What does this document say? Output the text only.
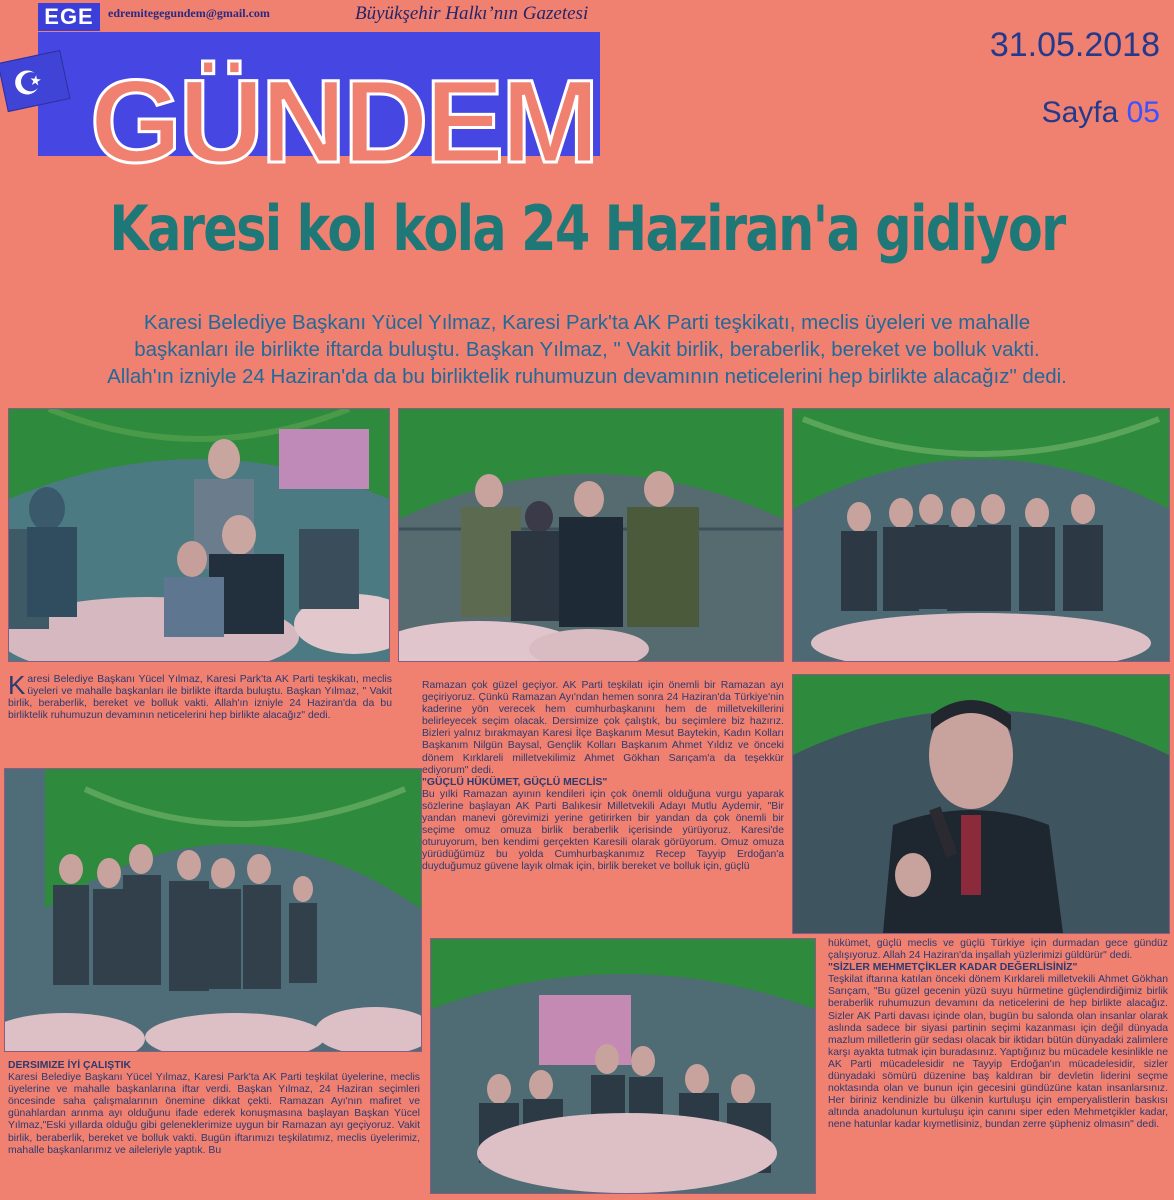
EGE	edremitegegundem@gmail.com	Büyükşehir Halkı’nın Gazetesi
GÜNDEM
31.05.2018
Sayfa 05
Karesi kol kola 24 Haziran'a gidiyor
Karesi Belediye Başkanı Yücel Yılmaz, Karesi Park'ta AK Parti teşkikatı, meclis üyeleri ve mahalle
başkanları ile birlikte iftarda buluştu. Başkan Yılmaz, " Vakit birlik, beraberlik, bereket ve bolluk vakti.
Allah'ın izniyle 24 Haziran'da da bu birliktelik ruhumuzun devamının neticelerini hep birlikte alacağız" dedi.

Karesi Belediye Başkanı Yücel Yılmaz, Karesi Park'ta AK Parti teşkikatı, meclis üyeleri ve mahalle başkanları ile birlikte iftarda buluştu. Başkan Yılmaz, " Vakit birlik, beraberlik, bereket ve bolluk vakti. Allah'ın izniyle 24 Haziran'da da bu birliktelik ruhumuzun devamının neticelerini hep birlikte alacağız" dedi.

DERSIMIZE İYİ ÇALIŞTIK

Karesi Belediye Başkanı Yücel Yılmaz, Karesi Park'ta AK Parti teşkilat üyelerine, meclis üyelerine ve mahalle başkanlarına iftar verdi. Başkan Yılmaz, 24 Haziran seçimleri öncesinde saha çalışmalarının önemine dikkat çekti. Ramazan Ayı'nın mafiret ve günahlardan arınma ayı olduğunu ifade ederek konuşmasına başlayan Başkan Yücel Yılmaz,"Eski yıllarda olduğu gibi geleneklerimize uygun bir Ramazan ayı geçiyoruz. Vakit birlik, beraberlik, bereket ve bolluk vakti. Bugün iftarımızı teşkilatımız, meclis üyelerimiz, mahalle başkanlarımız ve aileleriyle yaptık. Bu

Ramazan çok güzel geçiyor. AK Parti teşkilatı için önemli bir Ramazan ayı geçiriyoruz. Çünkü Ramazan Ayı'ndan hemen sonra 24 Haziran'da Türkiye'nin kaderine yön verecek hem cumhurbaşkanını hem de milletvekillerini belirleyecek seçim olacak. Dersimize çok çalıştık, bu seçimlere biz hazırız. Bizleri yalnız bırakmayan Karesi İlçe Başkanım Mesut Baytekin, Kadın Kolları Başkanım Nilgün Baysal, Gençlik Kolları Başkanım Ahmet Yıldız ve önceki dönem Kırklareli milletvekilimiz Ahmet Gökhan Sarıçam'a da teşekkür ediyorum" dedi.

"GÜÇLÜ HÜKÜMET, GÜÇLÜ MECLİS"

Bu yılki Ramazan ayının kendileri için çok önemli olduğuna vurgu yaparak sözlerine başlayan AK Parti Balıkesir Milletvekili Adayı Mutlu Aydemir, "Bir yandan manevi görevimizi yerine getirirken bir yandan da çok önemli bir seçime omuz omuza birlik beraberlik içerisinde yürüyoruz. Karesi'de oturuyorum, ben kendimi gerçekten Karesili olarak görüyorum. Omuz omuza yürüdüğümüz bu yolda Cumhurbaşkanımız Recep Tayyip Erdoğan'a duyduğumuz güvene layık olmak için, birlik bereket ve bolluk için, güçlü

hükümet, güçlü meclis ve güçlü Türkiye için durmadan gece gündüz çalışıyoruz. Allah 24 Haziran'da inşallah yüzlerimizi güldürür" dedi.

"SİZLER MEHMETÇİKLER KADAR DEĞERLİSİNİZ"

Teşkilat iftarına katılan önceki dönem Kırklareli milletvekili Ahmet Gökhan Sarıçam, "Bu güzel gecenin yüzü suyu hürmetine güçlendirdiğimiz birlik beraberlik ruhumuzun devamını da neticelerini de hep birlikte alacağız. Sizler AK Parti davası içinde olan, bugün bu salonda olan insanlar olarak aslında sadece bir siyasi partinin seçimi kazanması için değil dünyada mazlum milletlerin gür sedası olacak bir iktidarı bütün dünyadaki zalimlere karşı ayakta tutmak için buradasınız. Yaptığınız bu mücadele kesinlikle ne AK Parti mücadelesidir ne Tayyip Erdoğan'ın mücadelesidir, sizler dünyadaki sömürü düzenine baş kaldıran bir devletin liderini seçme noktasında olan ve bunun için gecesini gündüzüne katan insanlarsınız. Her biriniz kendinizle bu ülkenin kurtuluşu için emperyalistlerin baskısı altında anadolunun kurtuluşu için canını siper eden Mehmetçikler kadar, nene hatunlar kadar kıymetlisiniz, bundan zerre şüpheniz olmasın" dedi.
